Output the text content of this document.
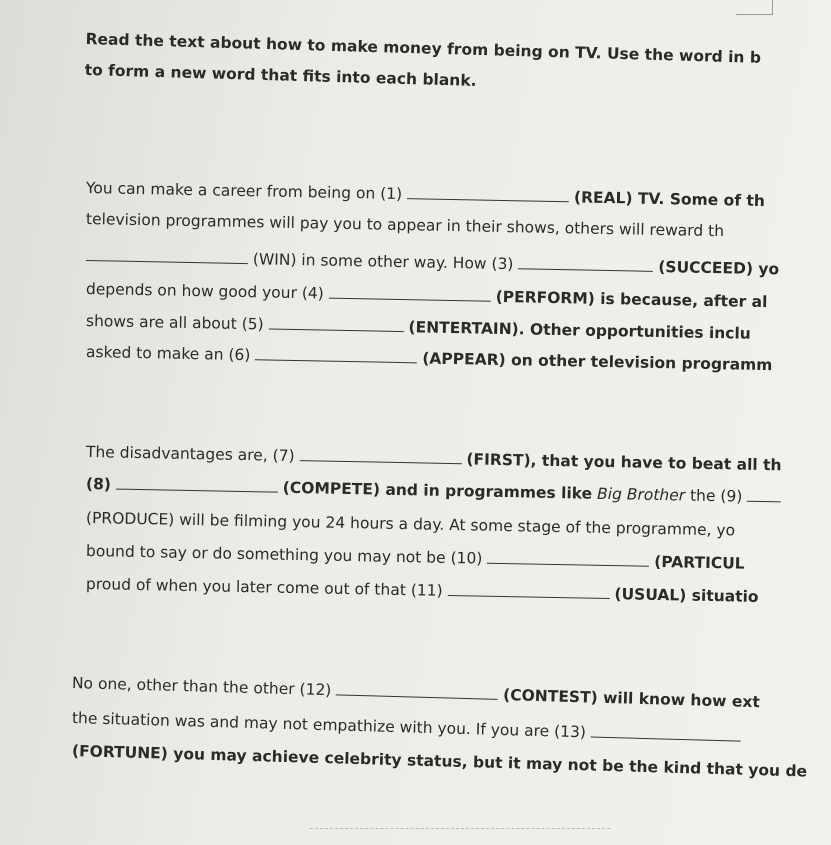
Read the text about how to make money from being on TV. Use the word in b
to form a new word that fits into each blank.
You can make a career from being on (1)	(REAL) TV. Some of th
television programmes will pay you to appear in their shows, others will reward th
(WIN) in some other way. How (3)	(SUCCEED) yo
depends on how good your (4)	(PERFORM) is because, after al
shows are all about (5)	(ENTERTAIN). Other opportunities inclu
asked to make an (6)	(APPEAR) on other television programm
The disadvantages are, (7)	(FIRST), that you have to beat all th
(8)	(COMPETE) and in programmes like Big Brother the (9)
(PRODUCE) will be filming you 24 hours a day. At some stage of the programme, yo
bound to say or do something you may not be (10)	(PARTICUL
proud of when you later come out of that (11)	(USUAL) situatio
No one, other than the other (12)	(CONTEST) will know how ext
the situation was and may not empathize with you. If you are (13)
(FORTUNE) you may achieve celebrity status, but it may not be the kind that you de
